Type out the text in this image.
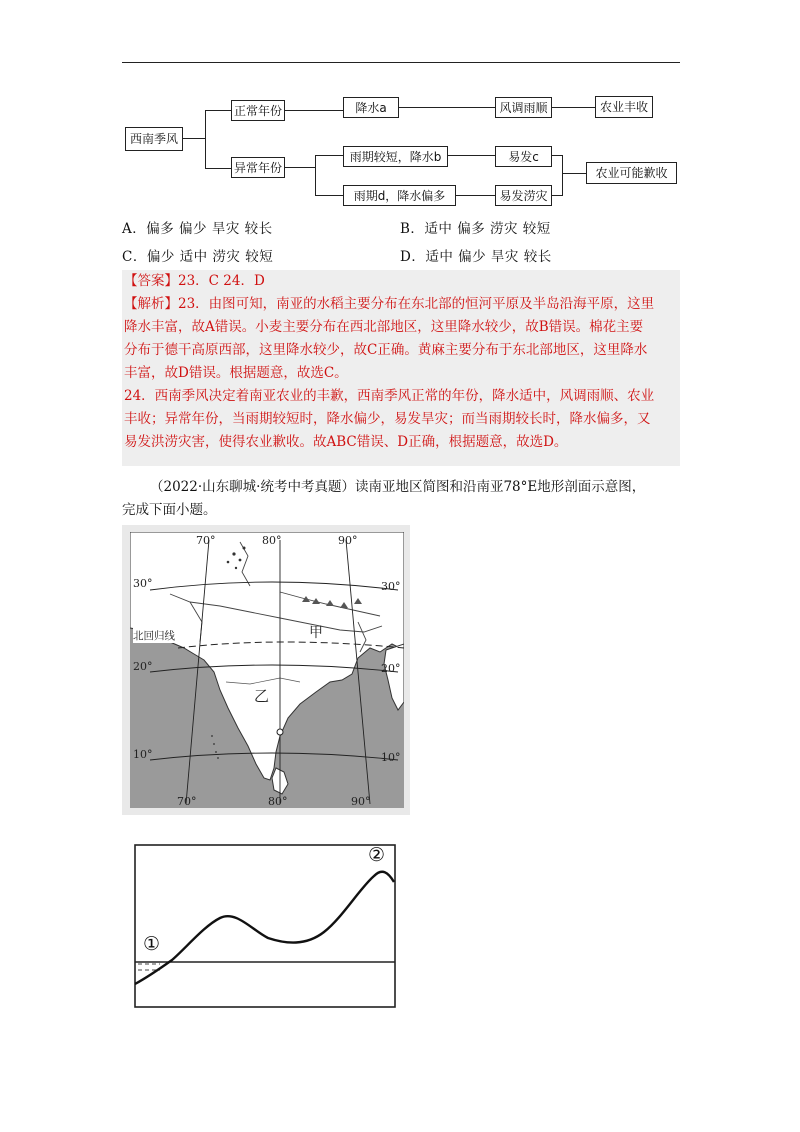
西南季风
正常年份	降水a	风调雨顺	农业丰收
异常年份
雨期较短，降水b	易发c
雨期d，降水偏多	易发涝灾
农业可能歉收
A．偏多 偏少 旱灾 较长	B．适中 偏多 涝灾 较短
C．偏少 适中 涝灾 较短	D．适中 偏少 旱灾 较长

【答案】23．C 24．D

【解析】23．由图可知，南亚的水稻主要分布在东北部的恒河平原及半岛沿海平原，这里

降水丰富，故A错误。小麦主要分布在西北部地区，这里降水较少，故B错误。棉花主要

分布于德干高原西部，这里降水较少，故C正确。黄麻主要分布于东北部地区，这里降水

丰富，故D错误。根据题意，故选C。

24．西南季风决定着南亚农业的丰歉，西南季风正常的年份，降水适中，风调雨顺、农业

丰收；异常年份，当雨期较短时，降水偏少，易发旱灾；而当雨期较长时，降水偏多，又

易发洪涝灾害，使得农业歉收。故ABC错误、D正确，根据题意，故选D。

（2022·山东聊城·统考中考真题）读南亚地区简图和沿南亚78°E地形剖面示意图，
完成下面小题。
70°	80°	90°
30°	30°
北回归线
20°	20°
10°	10°
70°	80°	90°
甲
乙
①
②
